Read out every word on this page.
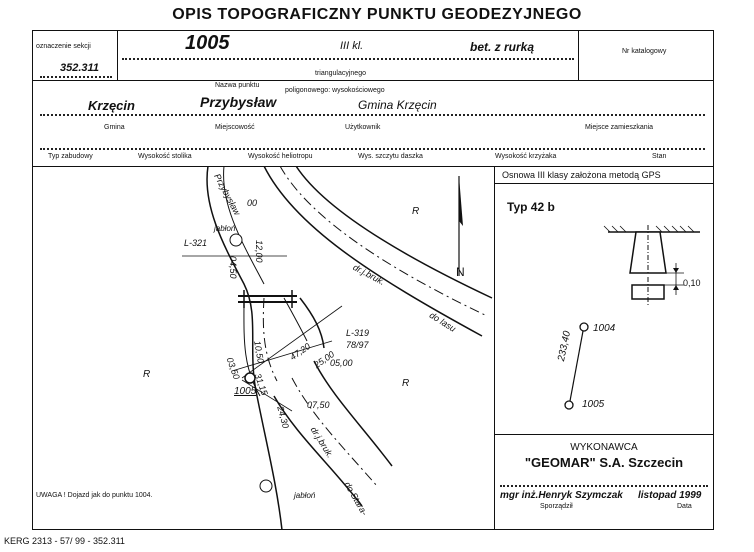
OPIS TOPOGRAFICZNY PUNKTU GEODEZYJNEGO
oznaczenie sekcji
352.311
1005	III kl.	bet. z rurką	Nr katalogowy
triangulacyjnego
Nazwa punktu
poligonowego: wysokościowego
Krzęcin	Przybysław	Gmina Krzęcin
Gmina	Miejscowość	Użytkownik	Miejsce zamieszkania
Typ zabudowy	Wysokość stolika	Wysokość heliotropu	Wys. szczytu daszka	Wysokość krzyżaka	Stan
Osnowa III klasy założona metodą GPS
Typ 42 b
0,10
1004
1005
233,40
WYKONAWCA
"GEOMAR" S.A. Szczecin
mgr inż.Henryk Szymczak listopad 1999
Sporządził	Data
Przybysław
jabłoń
jabłoń
L-321
L-319
78/97
R
R
R
dr.j.bruk.
do lasu
dr.j.bruk.
do Stara-
12,00
04,50
10,50 47,20 25,00
03,50
31,15
24,30 07,50
05,00
00
N
1005
UWAGA ! Dojazd jak do punktu 1004.
KERG 2313 - 57/ 99 - 352.311
